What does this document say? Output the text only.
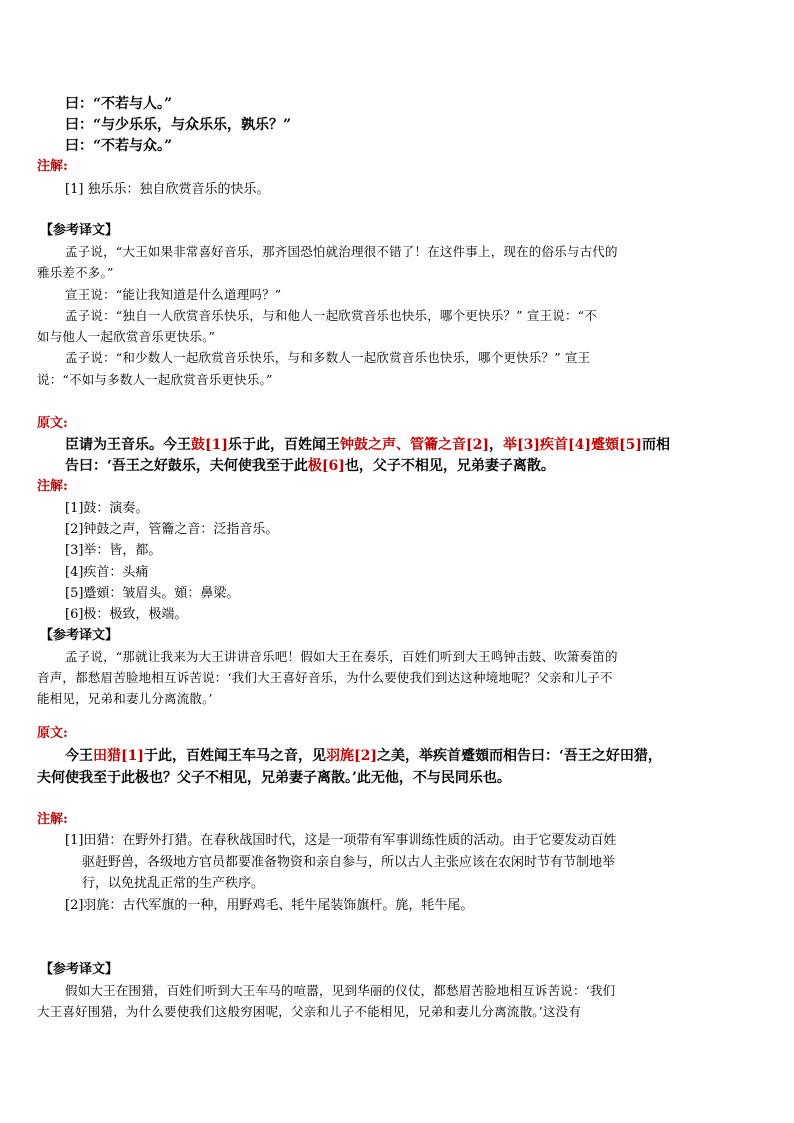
曰：“不若与人。”
曰：“与少乐乐，与众乐乐，孰乐？”
曰：“不若与众。”
注解:
[1] 独乐乐：独自欣赏音乐的快乐。
【参考译文】
孟子说，“大王如果非常喜好音乐，那齐国恐怕就治理很不错了！在这件事上，现在的俗乐与古代的
雅乐差不多。”
宣王说：“能让我知道是什么道理吗？”
孟子说：“独自一人欣赏音乐快乐，与和他人一起欣赏音乐也快乐，哪个更快乐？” 宣王说：“不
如与他人一起欣赏音乐更快乐。”
孟子说：“和少数人一起欣赏音乐快乐，与和多数人一起欣赏音乐也快乐，哪个更快乐？” 宣王
说：“不如与多数人一起欣赏音乐更快乐。”
原文:
臣请为王音乐。今王鼓[1]乐于此，百姓闻王钟鼓之声、管籥之音[2]，举[3]疾首[4]蹙頞[5]而相
告曰：‘吾王之好鼓乐，夫何使我至于此极[6]也，父子不相见，兄弟妻子离散。
注解:
[1]鼓：演奏。
[2]钟鼓之声，管籥之音：泛指音乐。
[3]举：皆，都。
[4]疾首：头痛
[5]蹙頞：皱眉头。頞：鼻梁。
[6]极：极致，极端。
【参考译文】
孟子说，“那就让我来为大王讲讲音乐吧！假如大王在奏乐，百姓们听到大王鸣钟击鼓、吹箫奏笛的
音声，都愁眉苦脸地相互诉苦说：‘我们大王喜好音乐，为什么要使我们到达这种境地呢？父亲和儿子不
能相见，兄弟和妻儿分离流散。’
原文:
今王田猎[1]于此，百姓闻王车马之音，见羽旄[2]之美，举疾首蹙頞而相告曰：‘吾王之好田猎，
夫何使我至于此极也？父子不相见，兄弟妻子离散。’此无他，不与民同乐也。
注解:
[1]田猎：在野外打猎。在春秋战国时代，这是一项带有军事训练性质的活动。由于它要发动百姓
驱赶野兽，各级地方官员都要准备物资和亲自参与，所以古人主张应该在农闲时节有节制地举
行，以免扰乱正常的生产秩序。
[2]羽旄：古代军旗的一种，用野鸡毛、牦牛尾装饰旗杆。旄，牦牛尾。
【参考译文】
假如大王在围猎，百姓们听到大王车马的喧嚣，见到华丽的仪仗，都愁眉苦脸地相互诉苦说：‘我们
大王喜好围猎，为什么要使我们这般穷困呢，父亲和儿子不能相见，兄弟和妻儿分离流散。’这没有
